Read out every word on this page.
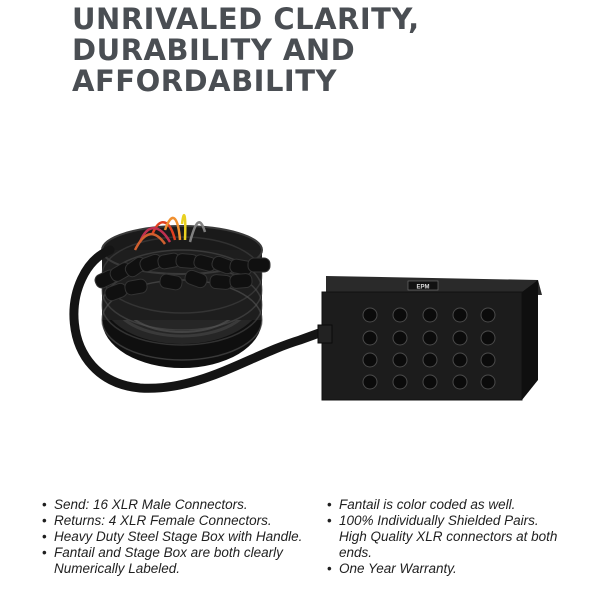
UNRIVALED CLARITY,
DURABILITY AND
AFFORDABILITY
EPM
• Send: 16 XLR Male Connectors.
• Returns: 4 XLR Female Connectors.
• Heavy Duty Steel Stage Box with Handle.
• Fantail and Stage Box are both clearly Numerically Labeled.
• Fantail is color coded as well.
• 100% Individually Shielded Pairs. High Quality XLR connectors at both ends.
• One Year Warranty.
